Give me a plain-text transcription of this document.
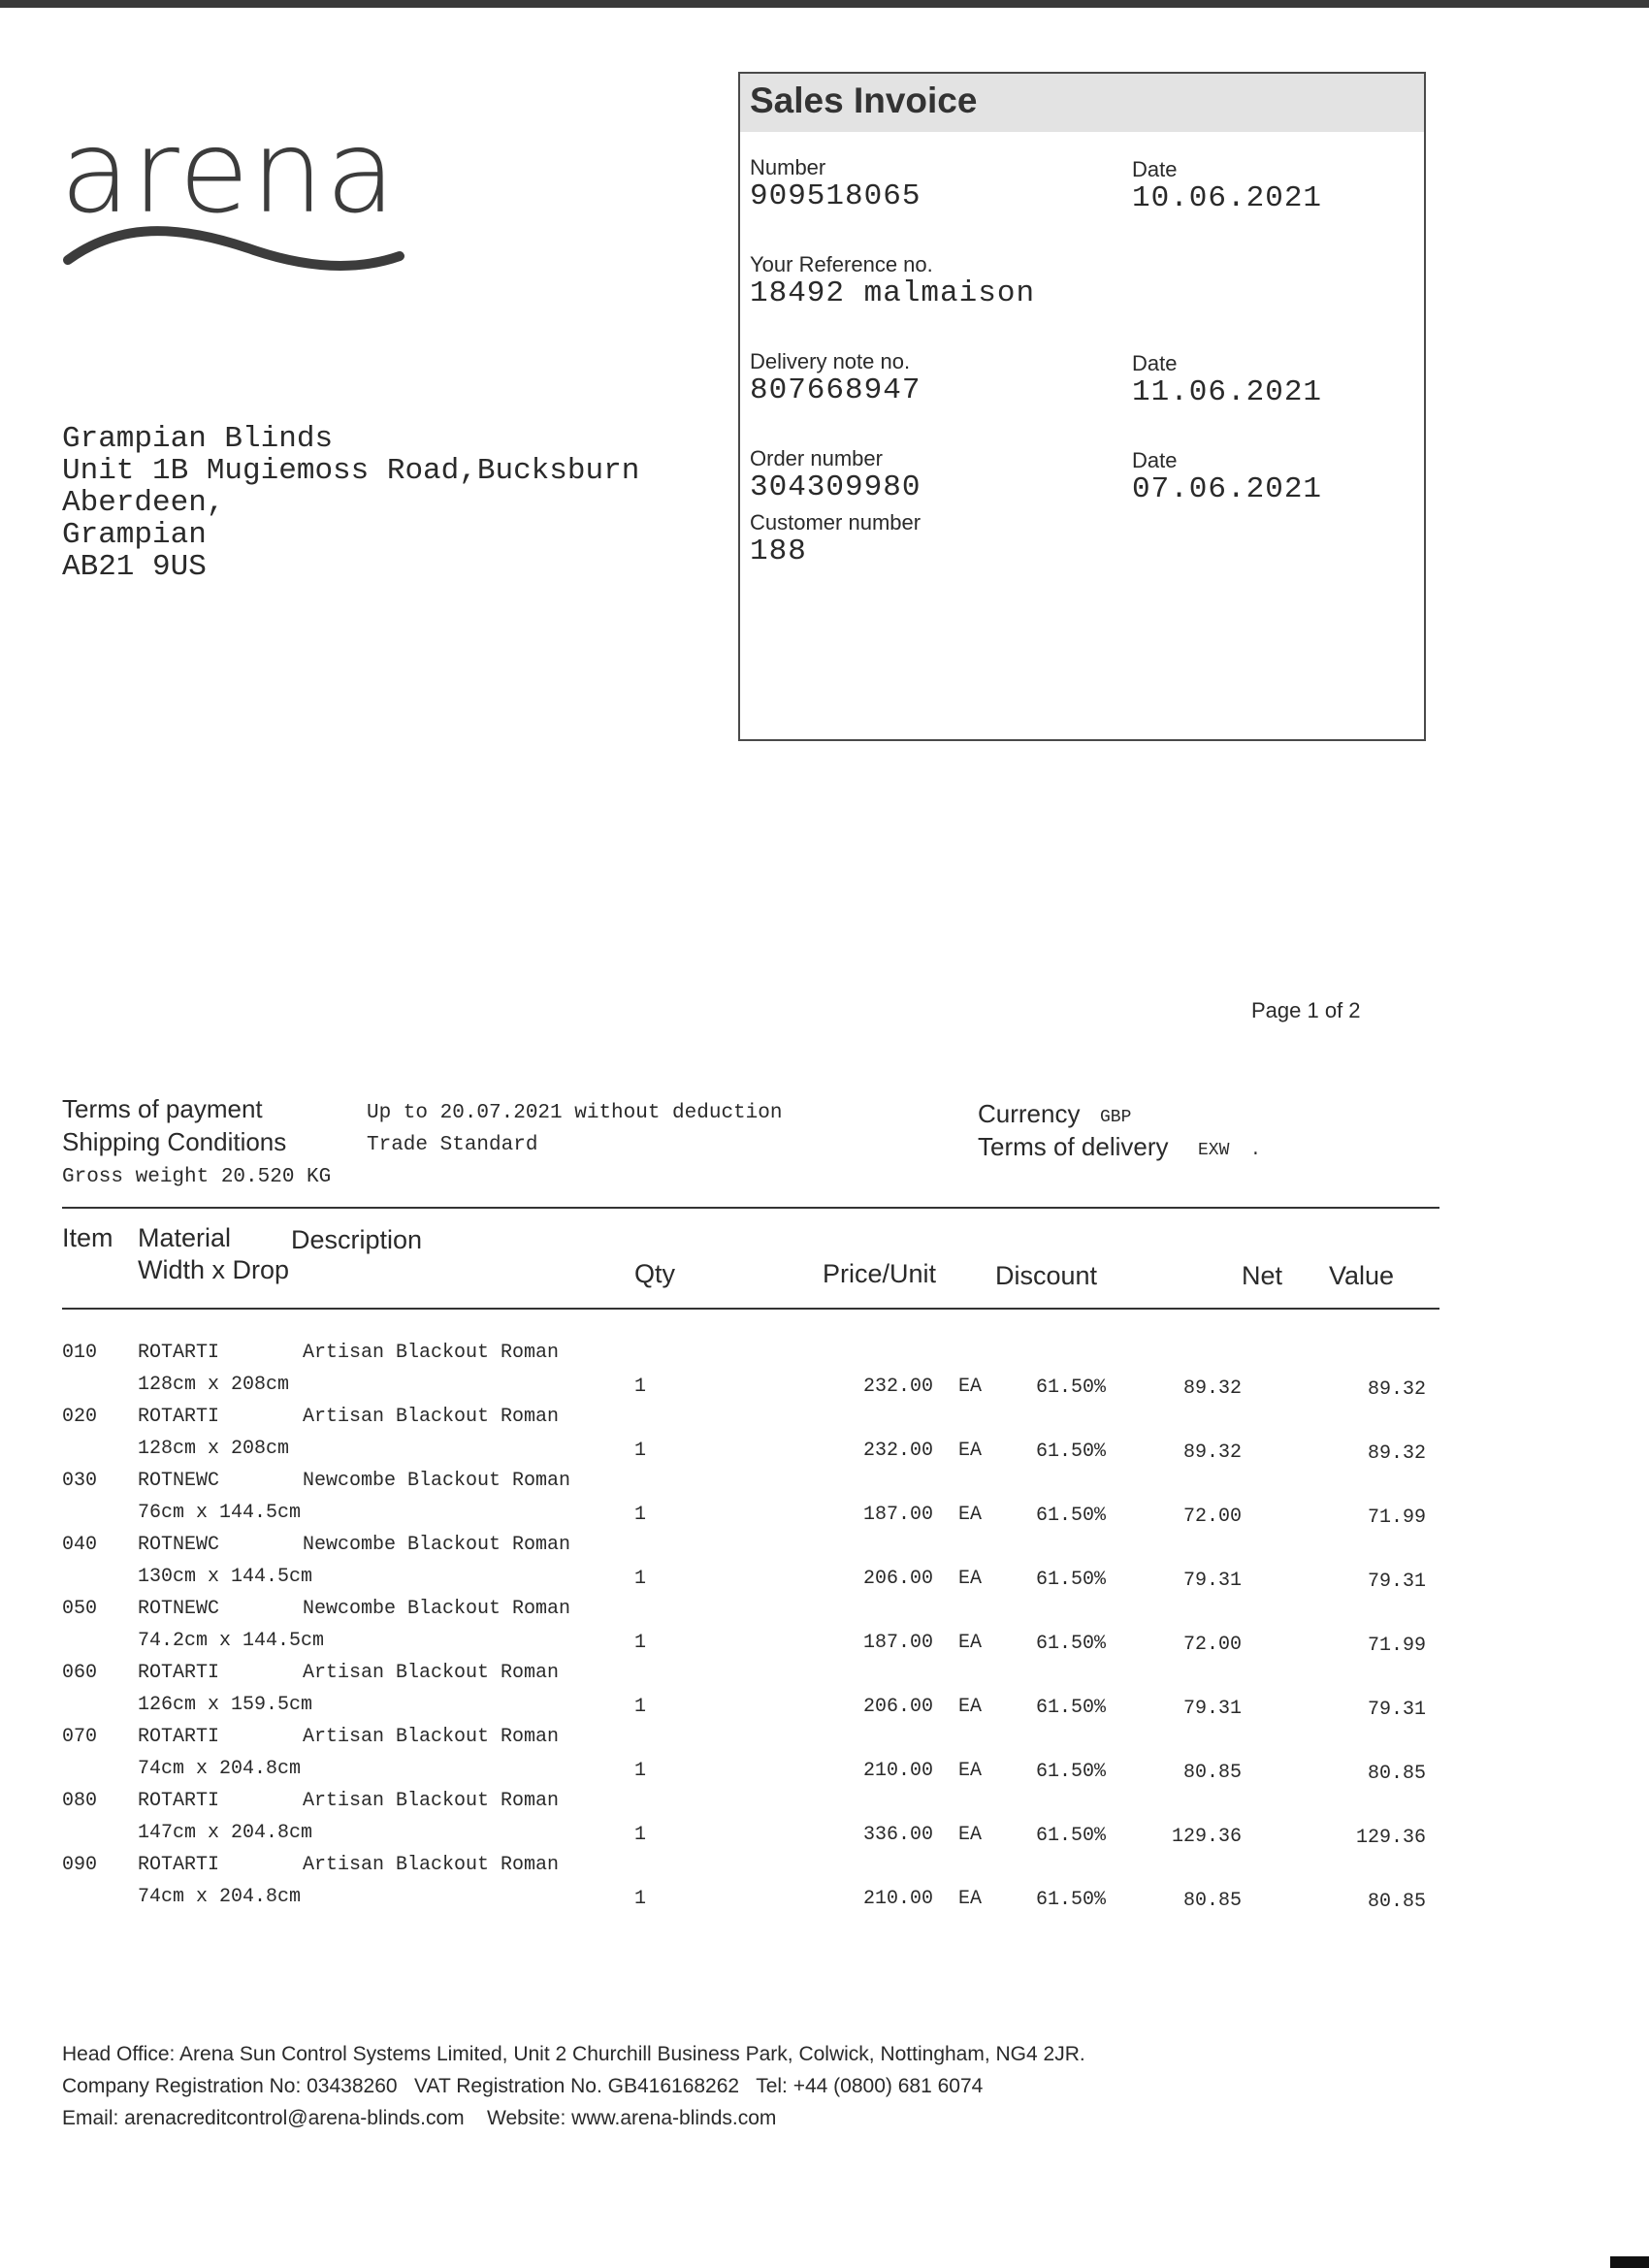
arena
Grampian Blinds
Unit 1B Mugiemoss Road,Bucksburn
Aberdeen,
Grampian
AB21 9US
Sales Invoice
Number
909518065
Date
10.06.2021
Your Reference no.
18492 malmaison
Delivery note no.
807668947
Date
11.06.2021
Order number
304309980
Date
07.06.2021
Customer number
188
Page 1 of 2
Terms of payment	Up to 20.07.2021 without deduction
Shipping Conditions	Trade Standard
Gross weight 20.520 KG
Currency GBP
Terms of delivery EXW  .
Item Material Description
Width x Drop	Qty	Price/Unit Discount	Net Value
010 ROTARTI	Artisan Blackout Roman
128cm x 208cm	1	232.00 EA	61.50%	89.32	89.32
020 ROTARTI	Artisan Blackout Roman
128cm x 208cm	1	232.00 EA	61.50%	89.32	89.32
030 ROTNEWC	Newcombe Blackout Roman
76cm x 144.5cm	1	187.00 EA	61.50%	72.00	71.99
040 ROTNEWC	Newcombe Blackout Roman
130cm x 144.5cm	1	206.00 EA	61.50%	79.31	79.31
050 ROTNEWC	Newcombe Blackout Roman
74.2cm x 144.5cm	1	187.00 EA	61.50%	72.00	71.99
060 ROTARTI	Artisan Blackout Roman
126cm x 159.5cm	1	206.00 EA	61.50%	79.31	79.31
070 ROTARTI	Artisan Blackout Roman
74cm x 204.8cm	1	210.00 EA	61.50%	80.85	80.85
080 ROTARTI	Artisan Blackout Roman
147cm x 204.8cm	1	336.00 EA	61.50%	129.36	129.36
090 ROTARTI	Artisan Blackout Roman
74cm x 204.8cm	1	210.00 EA	61.50%	80.85	80.85
Head Office: Arena Sun Control Systems Limited, Unit 2 Churchill Business Park, Colwick, Nottingham, NG4 2JR.
Company Registration No: 03438260   VAT Registration No. GB416168262   Tel: +44 (0800) 681 6074
Email: arenacreditcontrol@arena-blinds.com    Website: www.arena-blinds.com
